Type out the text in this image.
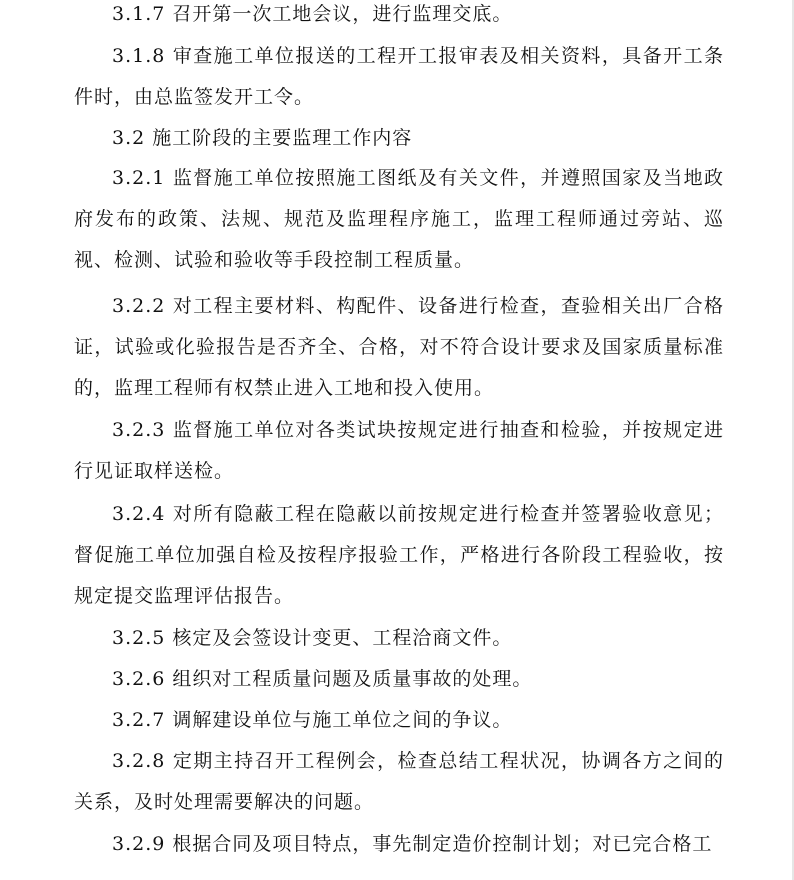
3.1.7 召开第一次工地会议，进行监理交底。

3.1.8 审查施工单位报送的工程开工报审表及相关资料，具备开工条件时，由总监签发开工令。

3.2 施工阶段的主要监理工作内容

3.2.1 监督施工单位按照施工图纸及有关文件，并遵照国家及当地政府发布的政策、法规、规范及监理程序施工，监理工程师通过旁站、巡视、检测、试验和验收等手段控制工程质量。

3.2.2 对工程主要材料、构配件、设备进行检查，查验相关出厂合格证，试验或化验报告是否齐全、合格，对不符合设计要求及国家质量标准的，监理工程师有权禁止进入工地和投入使用。

3.2.3 监督施工单位对各类试块按规定进行抽查和检验，并按规定进行见证取样送检。

3.2.4 对所有隐蔽工程在隐蔽以前按规定进行检查并签署验收意见；督促施工单位加强自检及按程序报验工作，严格进行各阶段工程验收，按规定提交监理评估报告。

3.2.5 核定及会签设计变更、工程洽商文件。

3.2.6 组织对工程质量问题及质量事故的处理。

3.2.7 调解建设单位与施工单位之间的争议。

3.2.8 定期主持召开工程例会，检查总结工程状况，协调各方之间的关系，及时处理需要解决的问题。

3.2.9 根据合同及项目特点，事先制定造价控制计划；对已完合格工
